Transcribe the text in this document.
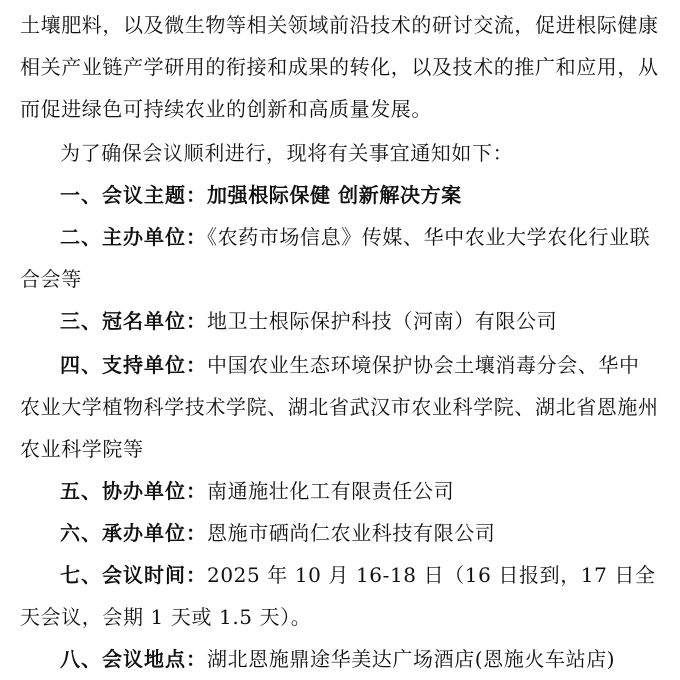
土壤肥料，以及微生物等相关领域前沿技术的研讨交流，促进根际健康相关产业链产学研用的衔接和成果的转化，以及技术的推广和应用，从而促进绿色可持续农业的创新和高质量发展。

为了确保会议顺利进行，现将有关事宜通知如下：

一、会议主题：加强根际保健 创新解决方案

二、主办单位：《农药市场信息》传媒、华中农业大学农化行业联合会等

三、冠名单位：地卫士根际保护科技（河南）有限公司

四、支持单位：中国农业生态环境保护协会土壤消毒分会、华中农业大学植物科学技术学院、湖北省武汉市农业科学院、湖北省恩施州农业科学院等

五、协办单位：南通施壮化工有限责任公司

六、承办单位：恩施市硒尚仁农业科技有限公司

七、会议时间：2025 年 10 月 16-18 日（16 日报到，17 日全天会议，会期 1 天或 1.5 天）。

八、会议地点：湖北恩施鼎途华美达广场酒店(恩施火车站店)
